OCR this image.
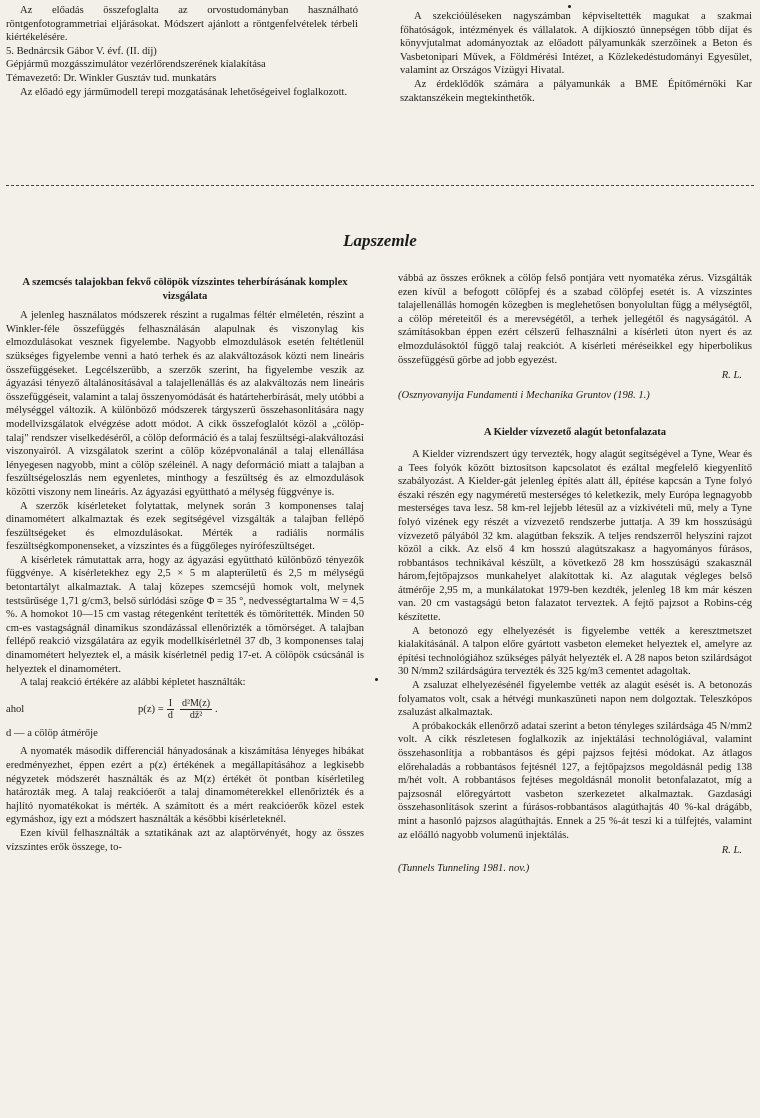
Az előadás összefoglalta az orvostudományban használható röntgenfotogrammetriai eljárásokat. Módszert ajánlott a röntgenfelvételek térbeli kiértékelésére.

5. Bednárcsik Gábor V. évf. (II. díj)

Gépjármű mozgásszimulátor vezérlőrendszerének kialakítása

Témavezető: Dr. Winkler Gusztáv tud. munkatárs

Az előadó egy járműmodell terepi mozgatásának lehetőségeivel foglalkozott.

A szekcióüléseken nagyszámban képviseltették magukat a szakmai főhatóságok, intézmények és vállalatok. A díjkiosztó ünnepségen több díjat és könyvjutalmat adományoztak az előadott pályamunkák szerzőinek a Beton és Vasbetonipari Művek, a Földmérési Intézet, a Közlekedéstudományi Egyesület, valamint az Országos Vízügyi Hivatal.

Az érdeklődők számára a pályamunkák a BME Építőmérnöki Kar szaktanszékein megtekinthetők.

Lapszemle

A szemcsés talajokban fekvő cölöpök vízszintes teherbírásának komplex vizsgálata

A jelenleg használatos módszerek részint a rugalmas féltér elméletén, részint a Winkler-féle összefüggés felhasználásán alapulnak és viszonylag kis elmozdulásokat vesznek figyelembe. Nagyobb elmozdulások esetén feltétlenül szükséges figyelembe venni a ható terhek és az alakváltozások közti nem lineáris összefüggéseket. Legcélszerűbb, a szerzők szerint, ha figyelembe veszik az ágyazási tényező általánosításával a talajellenállás és az alakváltozás nem lineáris összefüggéseit, valamint a talaj összenyomódását és határteherbírását, mely utóbbi a mélységgel változik. A különböző módszerek tárgyszerű összehasonlítására nagy modellvizsgálatok elvégzése adott módot. A cikk összefoglalót közöl a „cölöp- talaj" rendszer viselkedéséről, a cölöp deformáció és a talaj feszültségi-alakváltozási viszonyairól. A vizsgálatok szerint a cölöp középvonalánál a talaj ellenállása lényegesen nagyobb, mint a cölöp széleinél. A nagy deformáció miatt a talajban a feszültségeloszlás nem egyenletes, minthogy a feszültség és az elmozdulások közötti viszony nem lineáris. Az ágyazási együttható a mélység függvénye is.

A szerzők kísérleteket folytattak, melynek során 3 komponenses talaj dinamométert alkalmaztak és ezek segítségével vizsgálták a talajban fellépő feszültségeket és elmozdulásokat. Mérték a radiális normális feszültségkomponenseket, a vízszintes és a függőleges nyírófeszültséget.

A kísérletek rámutattak arra, hogy az ágyazási együttható különböző tényezők függvénye. A kísérletekhez egy 2,5 × 5 m alapterületű és 2,5 m mélységű betontartályt alkalmaztak. A talaj közepes szemcséjű homok volt, melynek testsűrűsége 1,71 g/cm3, belső súrlódási szöge Φ = 35 °, nedvességtartalma W = 4,5 %. A homokot 10—15 cm vastag rétegenként terítették és tömörítették. Minden 50 cm-es vastagságnál dinamikus szondázással ellenőrizték a tömörséget. A talajban fellépő reakció vizsgálatára az egyik modellkísérletnél 37 db, 3 komponenses talaj dinamométert helyeztek el, a másik kísérletnél pedig 17-et. A cölöpök csúcsánál is helyeztek el dinamométert.

A talaj reakció értékére az alábbi képletet használták:

ahol	$p(z) = \frac{I}{d} \frac{\text{d²M(z)}}{\text{dž²}}$ .

d — a cölöp átmérője

A nyomaték második differenciál hányadosának a kiszámítása lényeges hibákat eredményezhet, éppen ezért a p(z) értékének a megállapításához a legkisebb négyzetek módszerét használták és az M(z) értékét öt pontban kísérletileg határozták meg. A talaj reakcióerőt a talaj dinamométerekkel ellenőrizték és a hajlító nyomatékokat is mérték. A számított és a mért reakcióerők közel estek egymáshoz, így ezt a módszert használták a későbbi kísérleteknél.

Ezen kívül felhasználták a sztatikának azt az alaptörvényét, hogy az összes vízszintes erők összege, to-

vábbá az összes erőknek a cölöp felső pontjára vett nyomatéka zérus. Vizsgálták ezen kívül a befogott cölöpfej és a szabad cölöpfej esetét is. A vízszintes talajellenállás homogén közegben is meglehetősen bonyolultan függ a mélységtől, a cölöp méreteitől és a merevségétől, a terhek jellegétől és nagyságától. A számításokban éppen ezért célszerű felhasználni a kísérleti úton nyert és az elmozdulásoktól függő talaj reakciót. A kísérleti méréseikkel egy hiperbolikus összefüggésű görbe ad jobb egyezést.

R. L.

(Osznyovanyija Fundamenti i Mechanika Gruntov (198. 1.)

A Kielder vízvezető alagút betonfalazata

A Kielder vízrendszert úgy tervezték, hogy alagút segítségével a Tyne, Wear és a Tees folyók között biztosítson kapcsolatot és ezáltal megfelelő kiegyenlítő szabályozást. A Kielder-gát jelenleg építés alatt áll, építése kapcsán a Tyne folyó északi részén egy nagyméretű mesterséges tó keletkezik, mely Európa legnagyobb mesterséges tava lesz. 58 km-rel lejjebb létesül az a vízkivételi mű, mely a Tyne folyó vizének egy részét a vízvezető rendszerbe juttatja. A 39 km hosszúságú vízvezető pályából 32 km. alagútban fekszik. A teljes rendszerről helyszíni rajzot közöl a cikk. Az első 4 km hosszú alagútszakasz a hagyományos fúrásos, robbantásos technikával készült, a következő 28 km hosszúságú szakasznál három,fejtőpajzsos munkahelyet alakítottak ki. Az alagutak végleges belső átmérője 2,95 m, a munkálatokat 1979-ben kezdték, jelenleg 18 km már készen van. 20 cm vastagságú beton falazatot terveztek. A fejtő pajzsot a Robins-cég készítette.

A betonozó egy elhelyezését is figyelembe vették a keresztmetszet kialakításánál. A talpon előre gyártott vasbeton elemeket helyeztek el, amelyre az építési technológiához szükséges pályát helyezték el. A 28 napos beton szilárdságot 30 N/mm2 szilárdságúra tervezték és 325 kg/m3 cementet adagoltak.

A zsaluzat elhelyezésénél figyelembe vették az alagút esését is. A betonozás folyamatos volt, csak a hétvégi munkaszüneti napon nem dolgoztak. Teleszkópos zsaluzást alkalmaztak.

A próbakockák ellenőrző adatai szerint a beton tényleges szilárdsága 45 N/mm2 volt. A cikk részletesen foglalkozik az injektálási technológiával, valamint összehasonlítja a robbantásos és gépi pajzsos fejtési módokat. Az átlagos előrehaladás a robbantásos fejtésnél 127, a fejtőpajzsos megoldásnál pedig 138 m/hét volt. A robbantásos fejtéses megoldásnál monolit betonfalazatot, míg a pajzsosnál előregyártott vasbeton szerkezetet alkalmaztak. Gazdasági összehasonlítások szerint a fúrásos-robbantásos alagúthajtás 40 %-kal drágább, mint a hasonló pajzsos alagúthajtás. Ennek a 25 %-át teszi ki a túlfejtés, valamint az előálló nagyobb volumenű injektálás.

R. L.

(Tunnels Tunneling 1981. nov.)
